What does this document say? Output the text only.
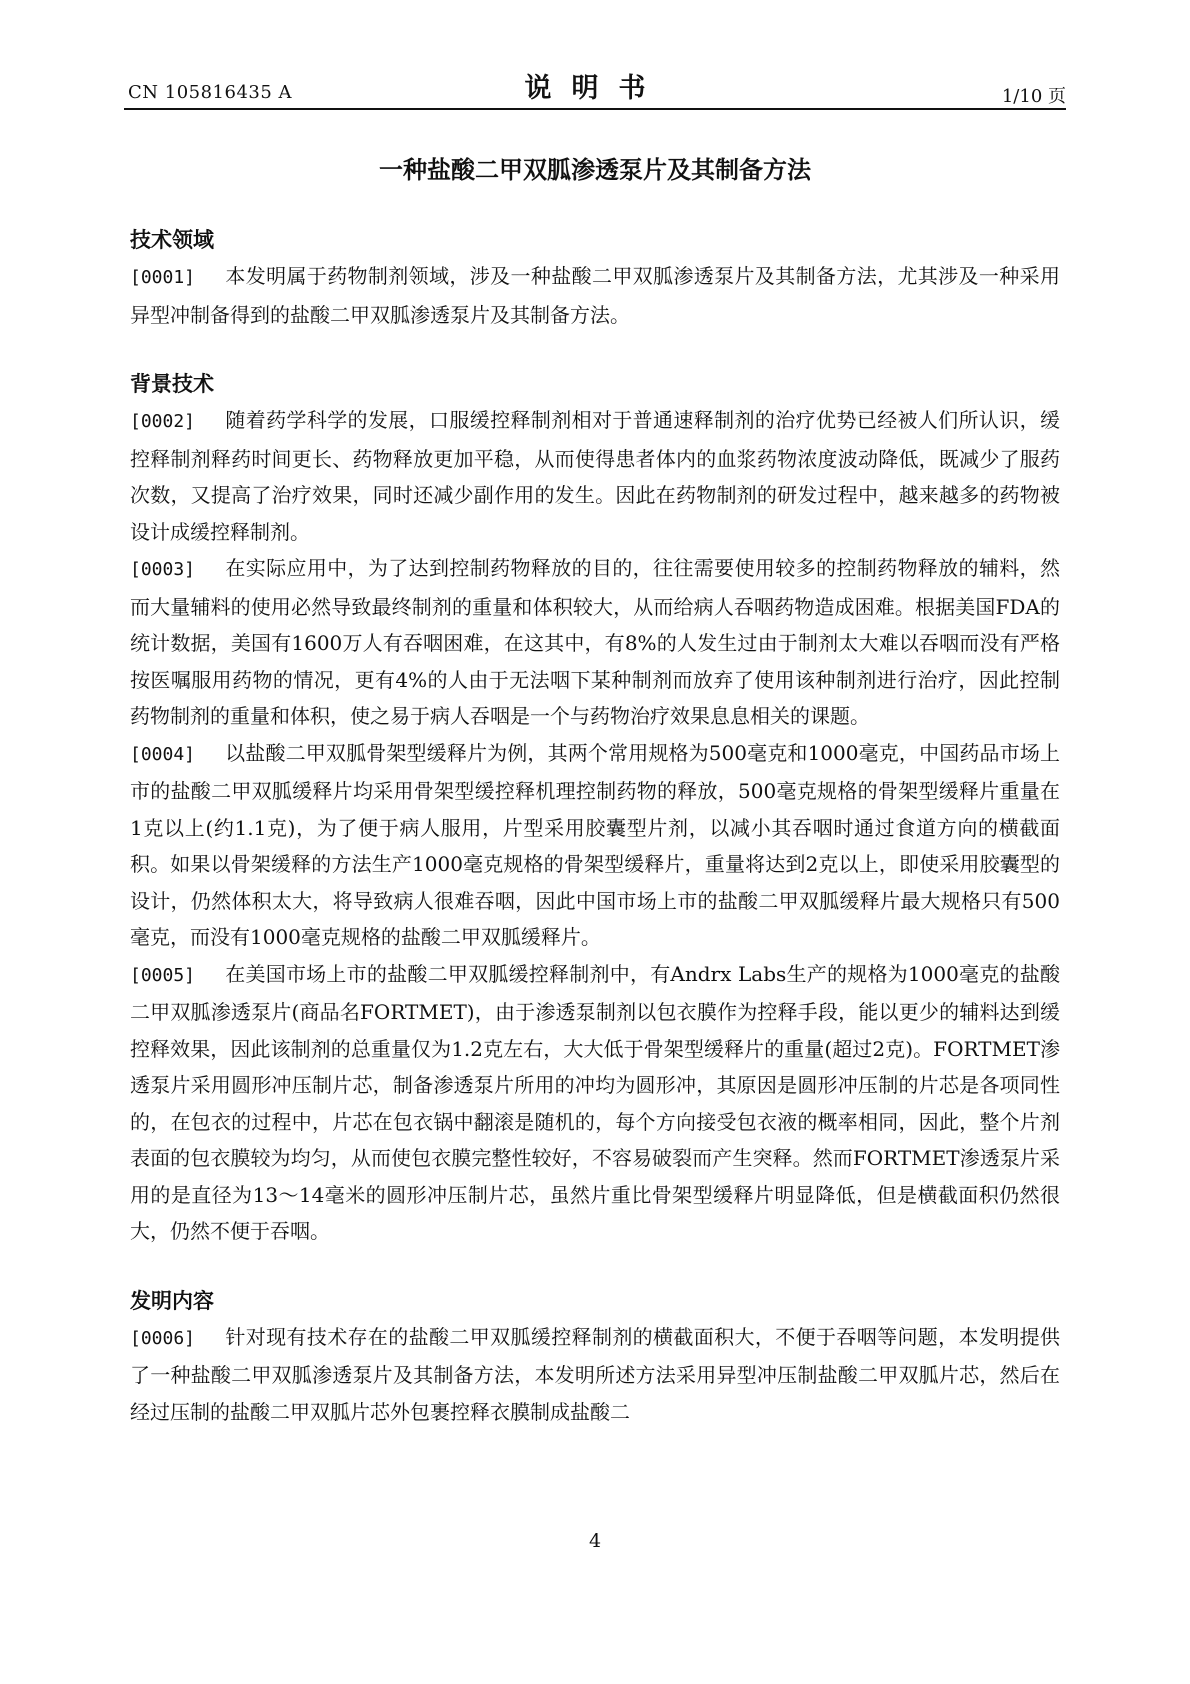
CN 105816435 A	说明书	1/10 页
一种盐酸二甲双胍渗透泵片及其制备方法
技术领域
[0001] 本发明属于药物制剂领域，涉及一种盐酸二甲双胍渗透泵片及其制备方法，尤其涉及一种采用异型冲制备得到的盐酸二甲双胍渗透泵片及其制备方法。
背景技术
[0002] 随着药学科学的发展，口服缓控释制剂相对于普通速释制剂的治疗优势已经被人们所认识，缓控释制剂释药时间更长、药物释放更加平稳，从而使得患者体内的血浆药物浓度波动降低，既减少了服药次数，又提高了治疗效果，同时还减少副作用的发生。因此在药物制剂的研发过程中，越来越多的药物被设计成缓控释制剂。
[0003] 在实际应用中，为了达到控制药物释放的目的，往往需要使用较多的控制药物释放的辅料，然而大量辅料的使用必然导致最终制剂的重量和体积较大，从而给病人吞咽药物造成困难。根据美国FDA的统计数据，美国有1600万人有吞咽困难，在这其中，有8%的人发生过由于制剂太大难以吞咽而没有严格按医嘱服用药物的情况，更有4%的人由于无法咽下某种制剂而放弃了使用该种制剂进行治疗，因此控制药物制剂的重量和体积，使之易于病人吞咽是一个与药物治疗效果息息相关的课题。
[0004] 以盐酸二甲双胍骨架型缓释片为例，其两个常用规格为500毫克和1000毫克，中国药品市场上市的盐酸二甲双胍缓释片均采用骨架型缓控释机理控制药物的释放，500毫克规格的骨架型缓释片重量在1克以上(约1.1克)，为了便于病人服用，片型采用胶囊型片剂，以减小其吞咽时通过食道方向的横截面积。如果以骨架缓释的方法生产1000毫克规格的骨架型缓释片，重量将达到2克以上，即使采用胶囊型的设计，仍然体积太大，将导致病人很难吞咽，因此中国市场上市的盐酸二甲双胍缓释片最大规格只有500毫克，而没有1000毫克规格的盐酸二甲双胍缓释片。
[0005] 在美国市场上市的盐酸二甲双胍缓控释制剂中，有Andrx Labs生产的规格为1000毫克的盐酸二甲双胍渗透泵片(商品名FORTMET)，由于渗透泵制剂以包衣膜作为控释手段，能以更少的辅料达到缓控释效果，因此该制剂的总重量仅为1.2克左右，大大低于骨架型缓释片的重量(超过2克)。FORTMET渗透泵片采用圆形冲压制片芯，制备渗透泵片所用的冲均为圆形冲，其原因是圆形冲压制的片芯是各项同性的，在包衣的过程中，片芯在包衣锅中翻滚是随机的，每个方向接受包衣液的概率相同，因此，整个片剂表面的包衣膜较为均匀，从而使包衣膜完整性较好，不容易破裂而产生突释。然而FORTMET渗透泵片采用的是直径为13～14毫米的圆形冲压制片芯，虽然片重比骨架型缓释片明显降低，但是横截面积仍然很大，仍然不便于吞咽。
发明内容
[0006] 针对现有技术存在的盐酸二甲双胍缓控释制剂的横截面积大，不便于吞咽等问题，本发明提供了一种盐酸二甲双胍渗透泵片及其制备方法，本发明所述方法采用异型冲压制盐酸二甲双胍片芯，然后在经过压制的盐酸二甲双胍片芯外包裹控释衣膜制成盐酸二
4
